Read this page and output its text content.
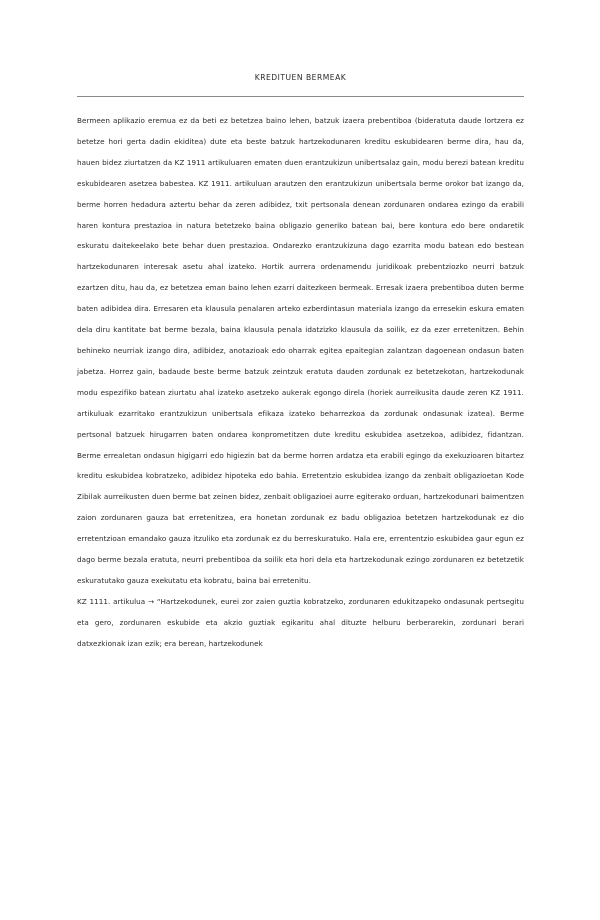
KREDITUEN BERMEAK

Bermeen aplikazio eremua ez da beti ez betetzea baino lehen, batzuk izaera prebentiboa (bideratuta daude lortzera ez betetze hori gerta dadin ekiditea) dute eta beste batzuk hartzekodunaren kreditu eskubidearen berme dira, hau da, hauen bidez ziurtatzen da KZ 1911 artikuluaren ematen duen erantzukizun unibertsalaz gain, modu berezi batean kreditu eskubidearen asetzea babestea. KZ 1911. artikuluan arautzen den erantzukizun unibertsala berme orokor bat izango da, berme horren hedadura aztertu behar da zeren adibidez, txit pertsonala denean zordunaren ondarea ezingo da erabili haren kontura prestazioa in natura betetzeko baina obligazio generiko batean bai, bere kontura edo bere ondaretik eskuratu daitekeelako bete behar duen prestazioa. Ondarezko erantzukizuna dago ezarrita modu batean edo bestean hartzekodunaren interesak asetu ahal izateko. Hortik aurrera ordenamendu juridikoak prebentziozko neurri batzuk ezartzen ditu, hau da, ez betetzea eman baino lehen ezarri daitezkeen bermeak. Erresak izaera prebentiboa duten berme baten adibidea dira. Erresaren eta klausula penalaren arteko ezberdintasun materiala izango da erresekin eskura ematen dela diru kantitate bat berme bezala, baina klausula penala idatzizko klausula da soilik, ez da ezer erretenitzen. Behin behineko neurriak izango dira, adibidez, anotazioak edo oharrak egitea epaitegian zalantzan dagoenean ondasun baten jabetza. Horrez gain, badaude beste berme batzuk zeintzuk eratuta dauden zordunak ez betetzekotan, hartzekodunak modu espezifiko batean ziurtatu ahal izateko asetzeko aukerak egongo direla (horiek aurreikusita daude zeren KZ 1911. artikuluak ezarritako erantzukizun unibertsala efikaza izateko beharrezkoa da zordunak ondasunak izatea). Berme pertsonal batzuek hirugarren baten ondarea konprometitzen dute kreditu eskubidea asetzekoa, adibidez, fidantzan. Berme errealetan ondasun higigarri edo higiezin bat da berme horren ardatza eta erabili egingo da exekuzioaren bitartez kreditu eskubidea kobratzeko, adibidez hipoteka edo bahia. Erretentzio eskubidea izango da zenbait obligazioetan Kode Zibilak aurreikusten duen berme bat zeinen bidez, zenbait obligazioei aurre egiterako orduan, hartzekodunari baimentzen zaion zordunaren gauza bat erretenitzea, era honetan zordunak ez badu obligazioa betetzen hartzekodunak ez dio erretentzioan emandako gauza itzuliko eta zordunak ez du berreskuratuko. Hala ere, errententzio eskubidea gaur egun ez dago berme bezala eratuta, neurri prebentiboa da soilik eta hori dela eta hartzekodunak ezingo zordunaren ez betetzetik eskuratutako gauza exekutatu eta kobratu, baina bai erretenitu.

KZ 1111. artikulua → “Hartzekodunek, eurei zor zaien guztia kobratzeko, zordunaren edukitzapeko ondasunak pertsegitu eta gero, zordunaren eskubide eta akzio guztiak egikaritu ahal dituzte helburu berberarekin, zordunari berari datxezkionak izan ezik; era berean, hartzekodunek
